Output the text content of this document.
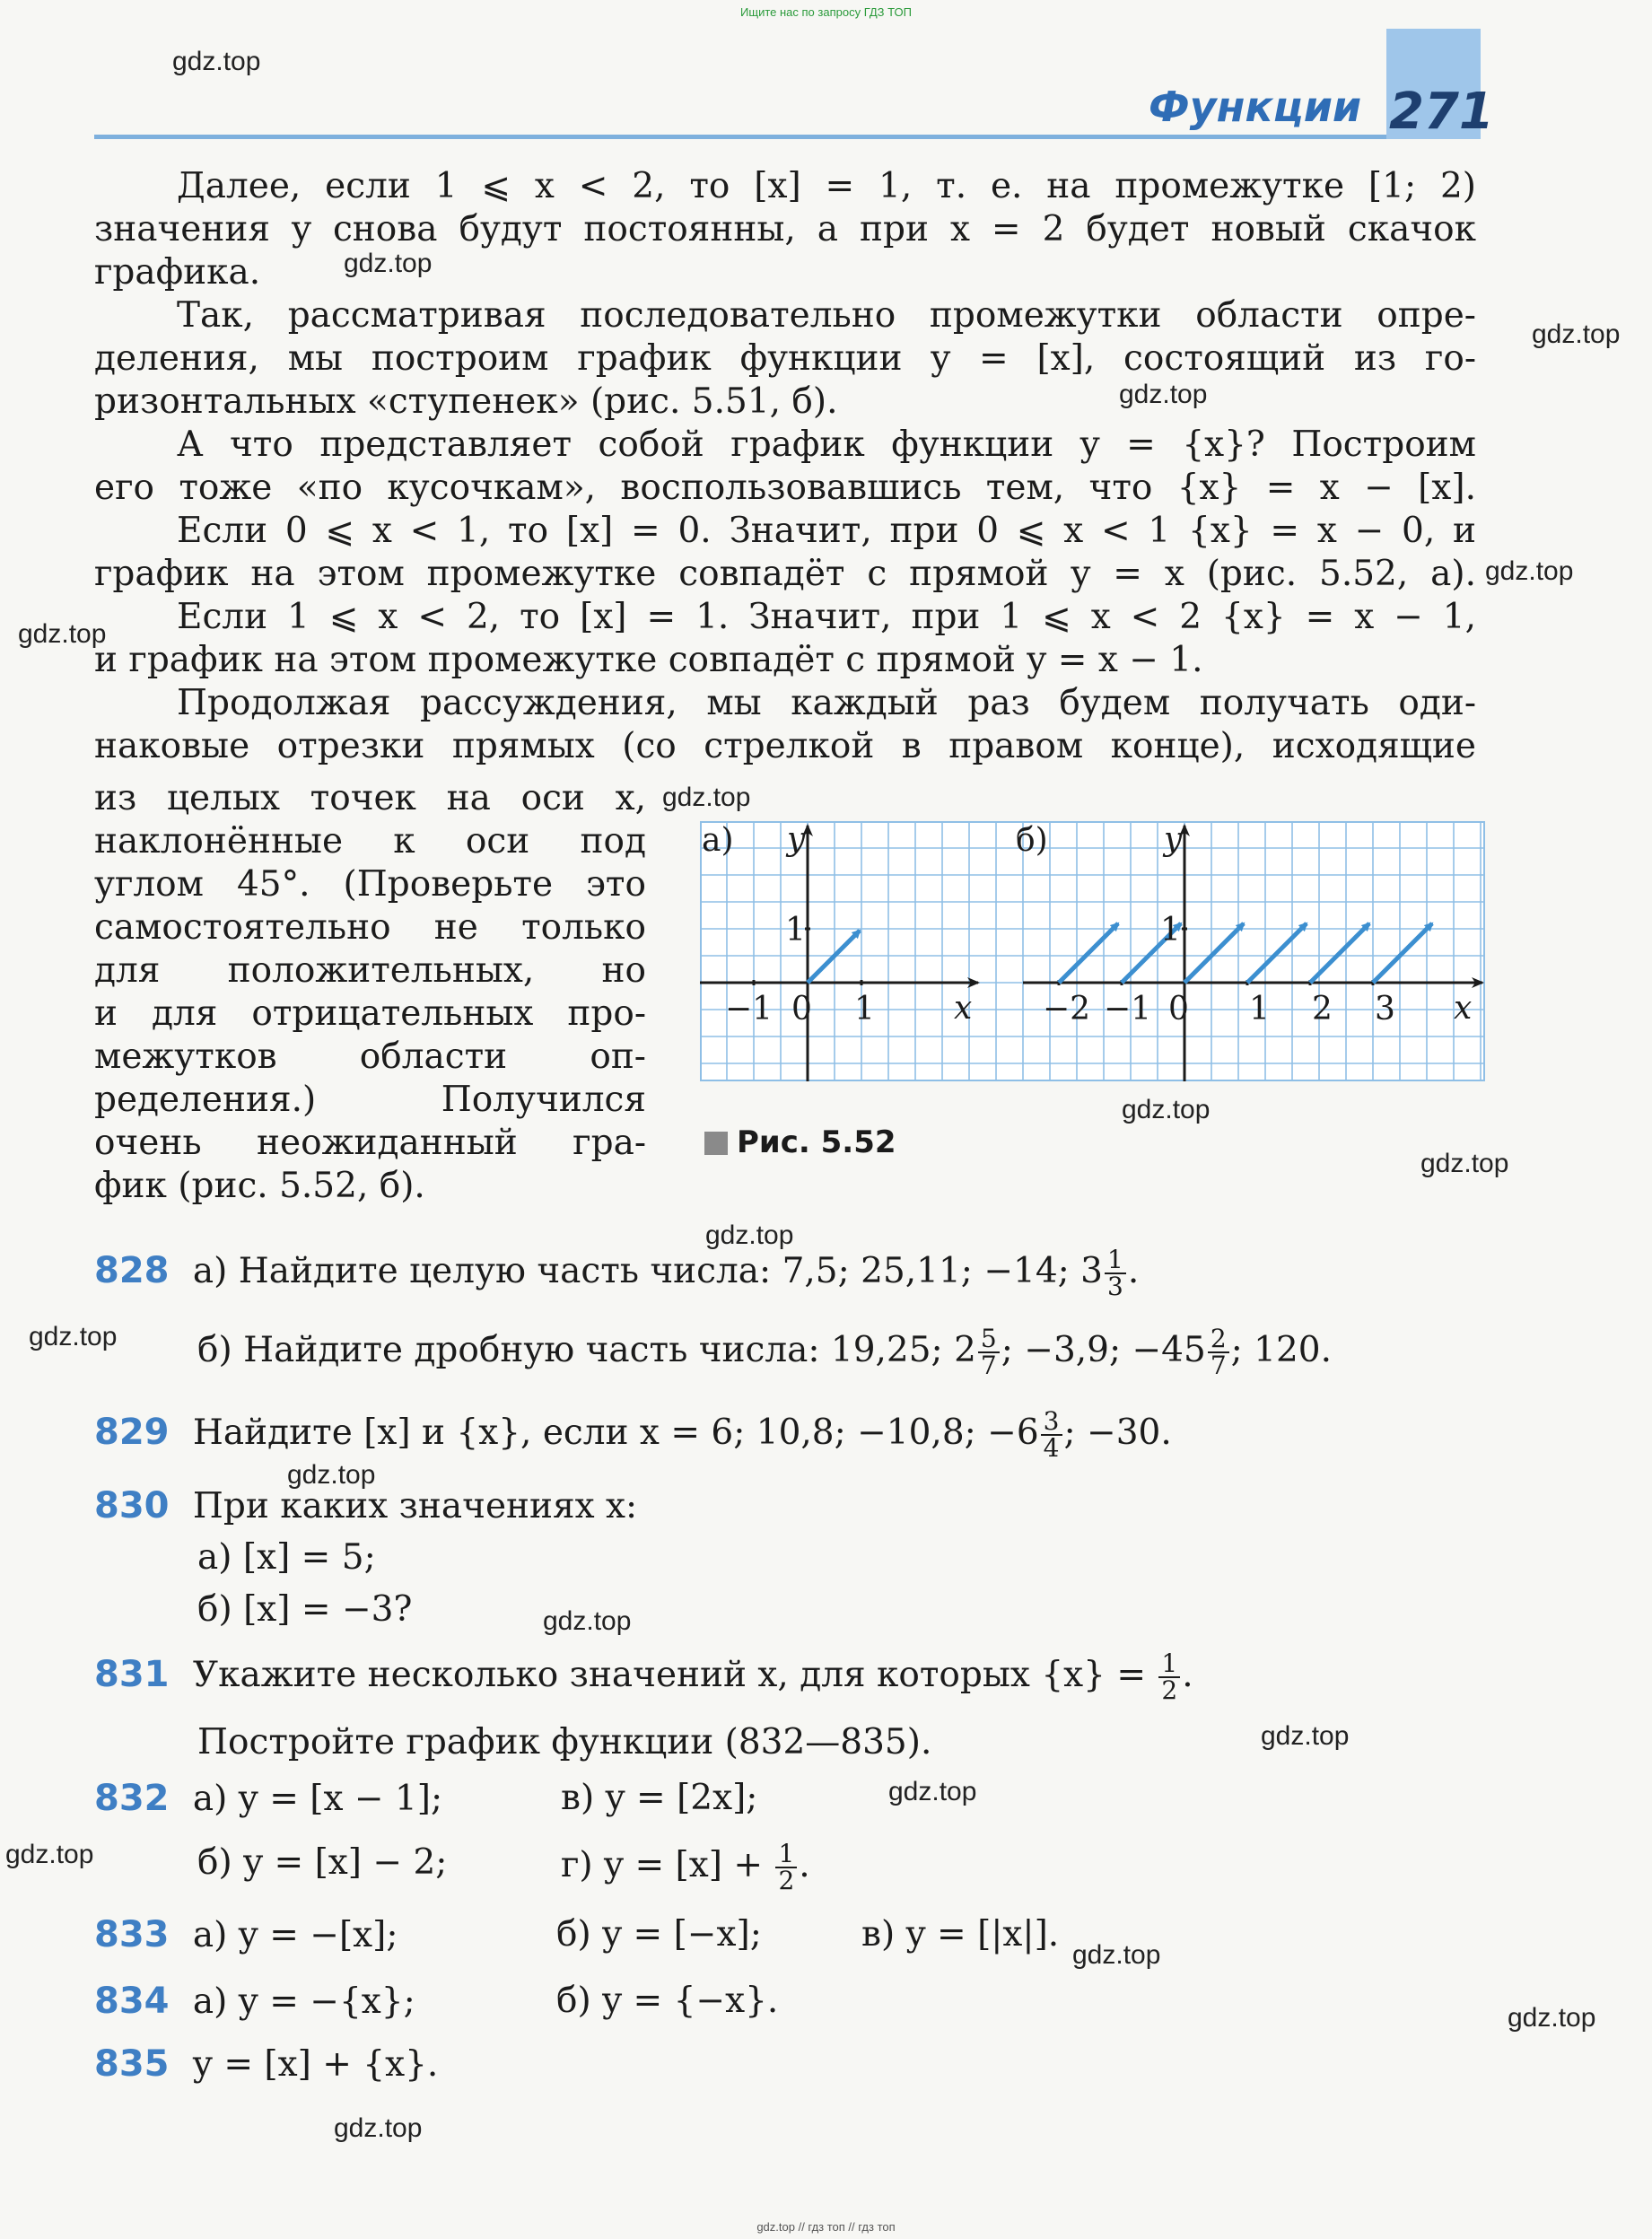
Ищите нас по запросу ГДЗ ТОП
Функции 271
gdz.top
gdz.top
gdz.top
gdz.top
gdz.top
gdz.top
gdz.top
gdz.top
gdz.top
gdz.top
gdz.top
gdz.top
gdz.top
gdz.top
gdz.top
gdz.top
gdz.top
gdz.top
gdz.top
Далее, если 1 ⩽ x < 2, то [x] = 1, т. е. на промежутке [1; 2)
значения y снова будут постоянны, а при x = 2 будет новый скачок
графика.
Так, рассматривая последовательно промежутки области опре-
деления, мы построим график функции y = [x], состоящий из го-
ризонтальных «ступенек» (рис. 5.51, б).
А что представляет собой график функции y = {x}? Построим
его тоже «по кусочкам», воспользовавшись тем, что {x} = x − [x].
Если 0 ⩽ x < 1, то [x] = 0. Значит, при 0 ⩽ x < 1 {x} = x − 0, и
график на этом промежутке совпадёт с прямой y = x (рис. 5.52, а).
Если 1 ⩽ x < 2, то [x] = 1. Значит, при 1 ⩽ x < 2 {x} = x − 1,
и график на этом промежутке совпадёт с прямой y = x − 1.
Продолжая рассуждения, мы каждый раз будем получать оди-
наковые отрезки прямых (со стрелкой в правом конце), исходящие
из целых точек на оси x,
наклонённые к оси под
углом 45°. (Проверьте это
самостоятельно не только
для положительных, но
и для отрицательных про-
межутков области оп-
ределения.) Получился
очень неожиданный гра-
фик (рис. 5.52, б).
а) y
x
1
−1 0 1
б)	y
x
1
−2 −1 0 1 2 3
Рис. 5.52
828 а) Найдите целую часть числа: 7,5; 25,11; −14; $3 \frac{1}{3}$ .
б) Найдите дробную часть числа: 19,25; $2 \frac{5}{7}$ ; −3,9; $-45 \frac{2}{7}$ ; 120.
829 Найдите [x] и {x}, если x = 6; 10,8; −10,8; $-6 \frac{3}{4}$ ; −30.
830 При каких значениях x:
а) [x] = 5;
б) [x] = −3?
831 Укажите несколько значений x, для которых $\{x\} = \frac{1}{2}$ .
Постройте график функции (832—835).
832 а) y = [x − 1];	в) y = [2x];
б) y = [x] − 2;	г) $y = [x] + \frac{1}{2}$ .
833 а) y = −[x];	б) y = [−x];	в) y = [|x|].
834 а) y = −{x};	б) y = {−x}.
835 y = [x] + {x}.
gdz.top // гдз топ // гдз топ
